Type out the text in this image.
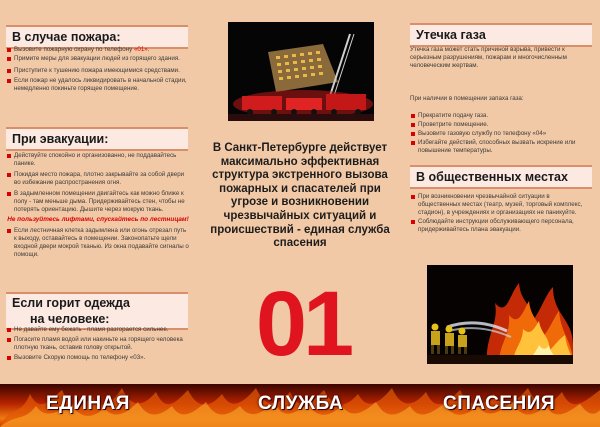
В случае пожара:
Вызовите пожарную охрану по телефону «01».
Примите меры для эвакуации людей из горящего здания.
Приступите к тушению пожара имеющимися средствами.
Если пожар не удалось ликвидировать в начальной стадии, немедленно покиньте горящее помещение.
При эвакуации:
Действуйте спокойно и организованно, не поддавайтесь панике.
Покидая место пожара, плотно закрывайте за собой двери во избежание распространения огня.
В задымленном помещении двигайтесь как можно ближе к полу - там меньше дыма. Придерживайтесь стен, чтобы не потерять ориентацию. Дышите через мокрую ткань.
Не пользуйтесь лифтами, спускайтесь по лестницам!
Если лестничная клетка задымлена или огонь отрезал путь к выходу, оставайтесь в помещении. Законопатьте щели входной двери мокрой тканью. Из окна подавайте сигналы о помощи.
Если горит одежда
на человеке:
Не давайте ему бежать - пламя разгорается сильнее.
Погасите пламя водой или накиньте на горящего человека плотную ткань, оставив голову открытой.
Вызовите Скорую помощь по телефону «03».
В Санкт-Петербурге действует максимально эффективная структура экстренного вызова пожарных и спасателей при угрозе и возникновении чрезвычайных ситуаций и происшествий - единая служба спасения
01
Утечка газа
Утечка газа может стать причиной взрыва, привести к серьезным разрушениям, пожарам и многочисленным человеческим жертвам.
При наличии в помещении запаха газа:
Прекратите подачу газа.
Проветрите помещение.
Вызовите газовую службу по телефону «04»
Избегайте действий, способных вызвать искрение или повышение температуры.
В общественных местах
При возникновении чрезвычайной ситуации в общественных местах (театр, музей, торговый комплекс, стадион), в учреждениях и организациях не паникуйте.
Соблюдайте инструкции обслуживающего персонала, придерживайтесь плана эвакуации.
ЕДИНАЯ	СЛУЖБА	СПАСЕНИЯ
